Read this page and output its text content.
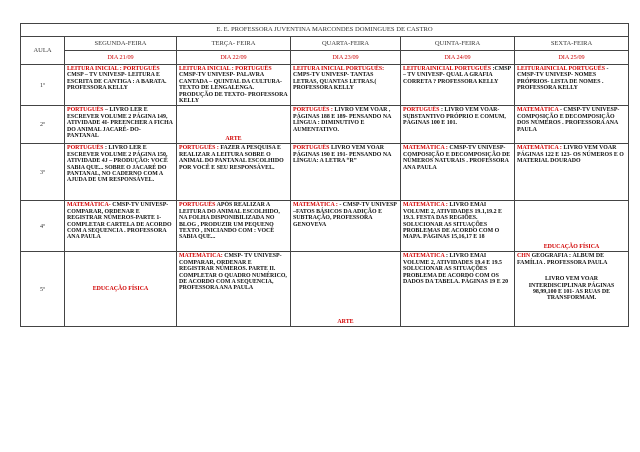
E. E. PROFESSORA JUVENTINA MARCONDES DOMINGUES DE CASTRO					
AULA	SEGUNDA-FEIRA	TERÇA- FEIRA	QUARTA-FEIRA	QUINTA-FEIRA	SEXTA-FEIRA
	DIA 21/09	DIA 22/09	DIA 23/09	DIA 24/09	DIA 25/09
1º	LEITURA INICIAL : PORTUGUÊS
CMSP – TV UNIVESP- LEITURA E ESCRITA DE CANTIGA : A BARATA. PROFESSORA KELLY	LEITURA INICIAL : PORTUGUÊS CMSP-TV UNIVESP- PALAVRA CANTADA – QUINTAL DA CULTURA- TEXTO DE LENGALENGA. PRODUÇÃO DE TEXTO- PROFESSORA KELLY	LEITURA INICIAL PORTUGUÊS: CMPS-TV UNIVESP- TANTAS LETRAS, QUANTAS LETRAS.( PROFESSORA KELLY	LEITURAINICIAL PORTUGUÊS :CMSP – TV UNIVESP- QUAL A GRAFIA CORRETA ? PROFESSORA KELLY	LEITURAINICIAL PORTUGUÊS - CMSP-TV UNIVESP- NOMES PRÓPRIOS- LISTA DE NOMES . PROFESSORA KELLY
2º	PORTUGUÊS – LIVRO LER E ESCREVER VOLUME 2 PÁGINA 149, ATIVIDADE 4I- PREENCHER A FICHA DO ANIMAL JACARÉ- DO- PANTANAL	ARTE	PORTUGUÊS : LIVRO VEM VOAR , PÁGINAS 188 E 189- PENSANDO NA LÍNGUA : DIMINUTIVO E AUMENTATIVO.	PORTUGUÊS : LIVRO VEM VOAR- SUBSTANTIVO PRÓPRIO E COMUM, PÁGINAS 100 E 101.	MATEMÁTICA - CMSP-TV UNIVESP-COMPOSIÇÃO E DECOMPOSIÇÃO DOS NÚMEROS . PROFESSORA ANA PAULA
3º	PORTUGUÊS : LIVRO LER E ESCREVER VOLUME 2 PÁGINA 150, ATIVIDADE 4J – PRODUÇÃO: VOCÊ SABIA QUE... SOBRE O JACARÉ DO PANTANAL, NO CADERNO COM A AJUDA DE UM RESPONSÁVEL.	PORTUGUÊS : FAZER A PESQUISA E REALIZAR A LEITURA SOBRE O ANIMAL DO PANTANAL ESCOLHIDO POR VOCÊ E SEU RESPONSÁVEL.	PORTUGUÊS LIVRO VEM VOAR PÁGINAS 190 E 191- PENSANDO NA LÍNGUA: A LETRA “R”	MATEMÁTICA : CMSP-TV UNIVESP- COMPOSIÇÃO E DECOMPOSIÇÃO DE NÚMEROS NATURAIS . PROFESSORA ANA PAULA	MATEMÁTICA : LIVRO VEM VOAR PÁGINAS 122 E 123- OS NÚMEROS E O MATERIAL DOURADO
4º	MATEMÁTICA- CMSP-TV UNIVESP- COMPARAR, ORDENAR E REGISTRAR NÚMEROS-PARTE 1- COMPLETAR CARTELA DE ACORDO COM A SEQUENCIA . PROFESSORA ANA PAULA	PORTUGUÊS APÓS REALIZAR A LEITURA DO ANIMAL ESCOLHIDO, NA FOLHA DISPONIBILIZADA NO BLOG , PRODUZIR UM PEQUENO TEXTO , INICIANDO COM : VOCÊ SABIA QUE...	MATEMÁTICA : - CMSP-TV UNIVESP –FATOS BÁSICOS DA ADIÇÃO E SUBTRAÇÃO, PROFESSORA GENOVEVA	MATEMÁTICA : LIVRO EMAI VOLUME 2, ATIVIDADES 19.1,19.2 E 19.3. FESTA DAS REGIÕES. SOLUCIONAR AS SITUAÇÕES PROBLEMAS DE ACORDO COM O MAPA. PÁGINAS 15,16,17 E 18	EDUCAÇÃO FÍSICA

5º	EDUCAÇÃO FÍSICA	MATEMÁTICA: CMSP- TV UNIVESP- COMPARAR, ORDENAR E REGISTRAR NÚMEROS. PARTE II. COMPLETAR O QUADRO NUMÉRICO, DE ACORDO COM A SEQUENCIA, PROFESSORA ANA PAULA	ARTE	MATEMÁTICA : LIVRO EMAI VOLUME 2, ATIVIDADES 19.4 E 19.5 SOLUCIONAR AS SITUAÇÕES PROBLEMA DE ACORDO COM OS DADOS DA TABELA. PÁGINAS 19 E 20	CHN GEOGRAFIA : ÁLBUM DE FAMÍLIA . PROFESSORA PAULA
LIVRO VEM VOAR INTERDISCIPLINAR PÁGINAS 98,99,100 E 101- AS RUAS DE TRANSFORMAM.
